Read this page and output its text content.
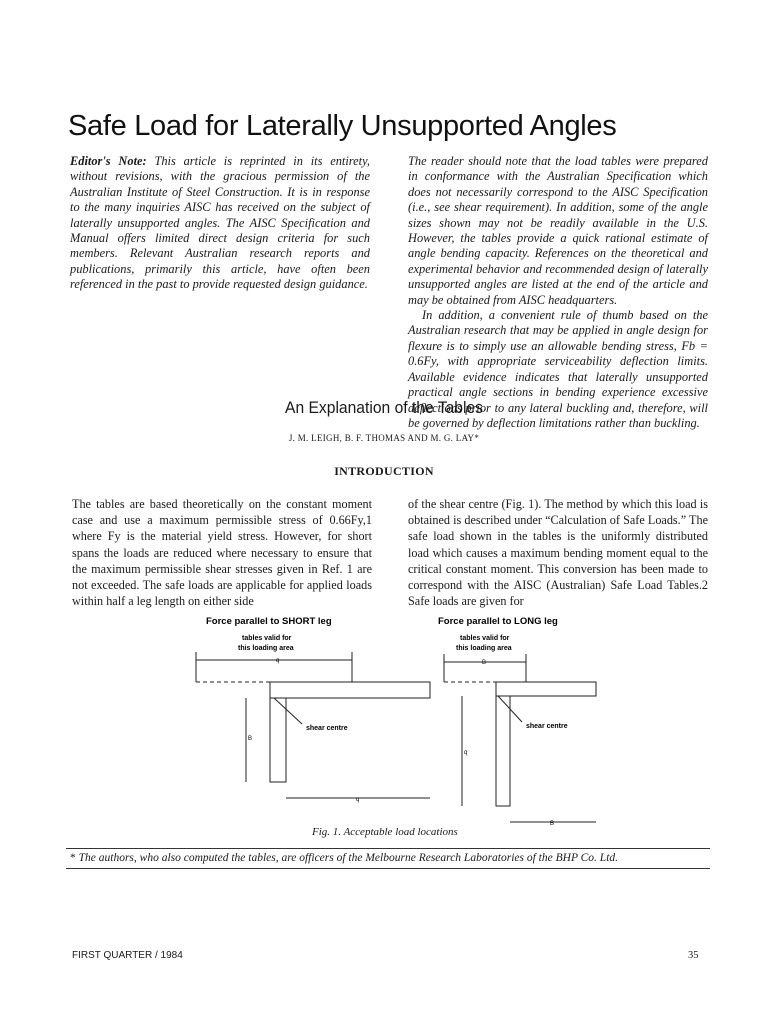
Safe Load for Laterally Unsupported Angles

Editor's Note: This article is reprinted in its entirety, without revisions, with the gracious permission of the Australian Institute of Steel Construction. It is in response to the many inquiries AISC has received on the subject of laterally unsupported angles. The AISC Specification and Manual offers limited direct design criteria for such members. Relevant Australian research reports and publications, primarily this article, have often been referenced in the past to provide requested design guidance.

The reader should note that the load tables were prepared in conformance with the Australian Specification which does not necessarily correspond to the AISC Specification (i.e., see shear requirement). In addition, some of the angle sizes shown may not be readily available in the U.S. However, the tables provide a quick rational estimate of angle bending capacity. References on the theoretical and experimental behavior and recommended design of laterally unsupported angles are listed at the end of the article and may be obtained from AISC headquarters.

In addition, a convenient rule of thumb based on the Australian research that may be applied in angle design for flexure is to simply use an allowable bending stress, Fb = 0.6Fy, with appropriate serviceability deflection limits. Available evidence indicates that laterally unsupported practical angle sections in bending experience excessive deflections prior to any lateral buckling and, therefore, will be governed by deflection limitations rather than buckling.

An Explanation of the Tables
J. M. LEIGH, B. F. THOMAS AND M. G. LAY*
INTRODUCTION

The tables are based theoretically on the constant moment case and use a maximum permissible stress of 0.66Fy,1 where Fy is the material yield stress. However, for short spans the loads are reduced where necessary to ensure that the maximum permissible shear stresses given in Ref. 1 are not exceeded. The safe loads are applicable for applied loads within half a leg length on either side

of the shear centre (Fig. 1). The method by which this load is obtained is described under “Calculation of Safe Loads.” The safe load shown in the tables is the uniformly distributed load which causes a maximum bending moment equal to the critical constant moment. This conversion has been made to correspond with the AISC (Australian) Safe Load Tables.2 Safe loads are given for

Force parallel to SHORT leg	Force parallel to LONG leg
tables valid for
this loading area
tables valid for
this loading area
shear centre	shear centre
q
B
q
B
q
B
Fig. 1. Acceptable load locations
* The authors, who also computed the tables, are officers of the Melbourne Research Laboratories of the BHP Co. Ltd.
FIRST QUARTER / 1984	35
